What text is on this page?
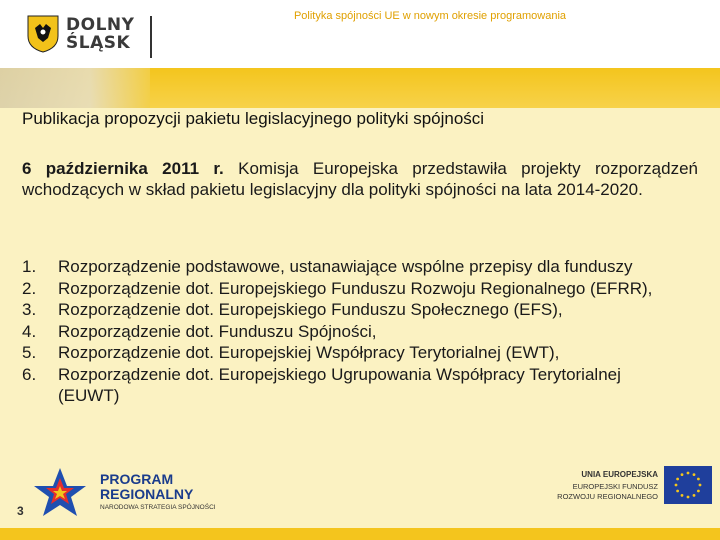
DOLNY
ŚLĄSK
Polityka spójności UE w nowym okresie programowania
Publikacja propozycji pakietu legislacyjnego polityki spójności
6 października 2011 r. Komisja Europejska przedstawiła projekty rozporządzeń wchodzących w skład pakietu legislacyjny dla polityki spójności na lata 2014-2020.
1. Rozporządzenie podstawowe, ustanawiające wspólne przepisy dla funduszy
2. Rozporządzenie dot. Europejskiego Funduszu Rozwoju Regionalnego (EFRR),
3. Rozporządzenie dot. Europejskiego Funduszu Społecznego (EFS),
4. Rozporządzenie dot. Funduszu Spójności,
5. Rozporządzenie dot. Europejskiej Współpracy Terytorialnej (EWT),
6. Rozporządzenie dot. Europejskiego Ugrupowania Współpracy Terytorialnej (EUWT)
3
PROGRAM
REGIONALNY
NARODOWA STRATEGIA SPÓJNOŚCI
UNIA EUROPEJSKA
EUROPEJSKI FUNDUSZ
ROZWOJU REGIONALNEGO
